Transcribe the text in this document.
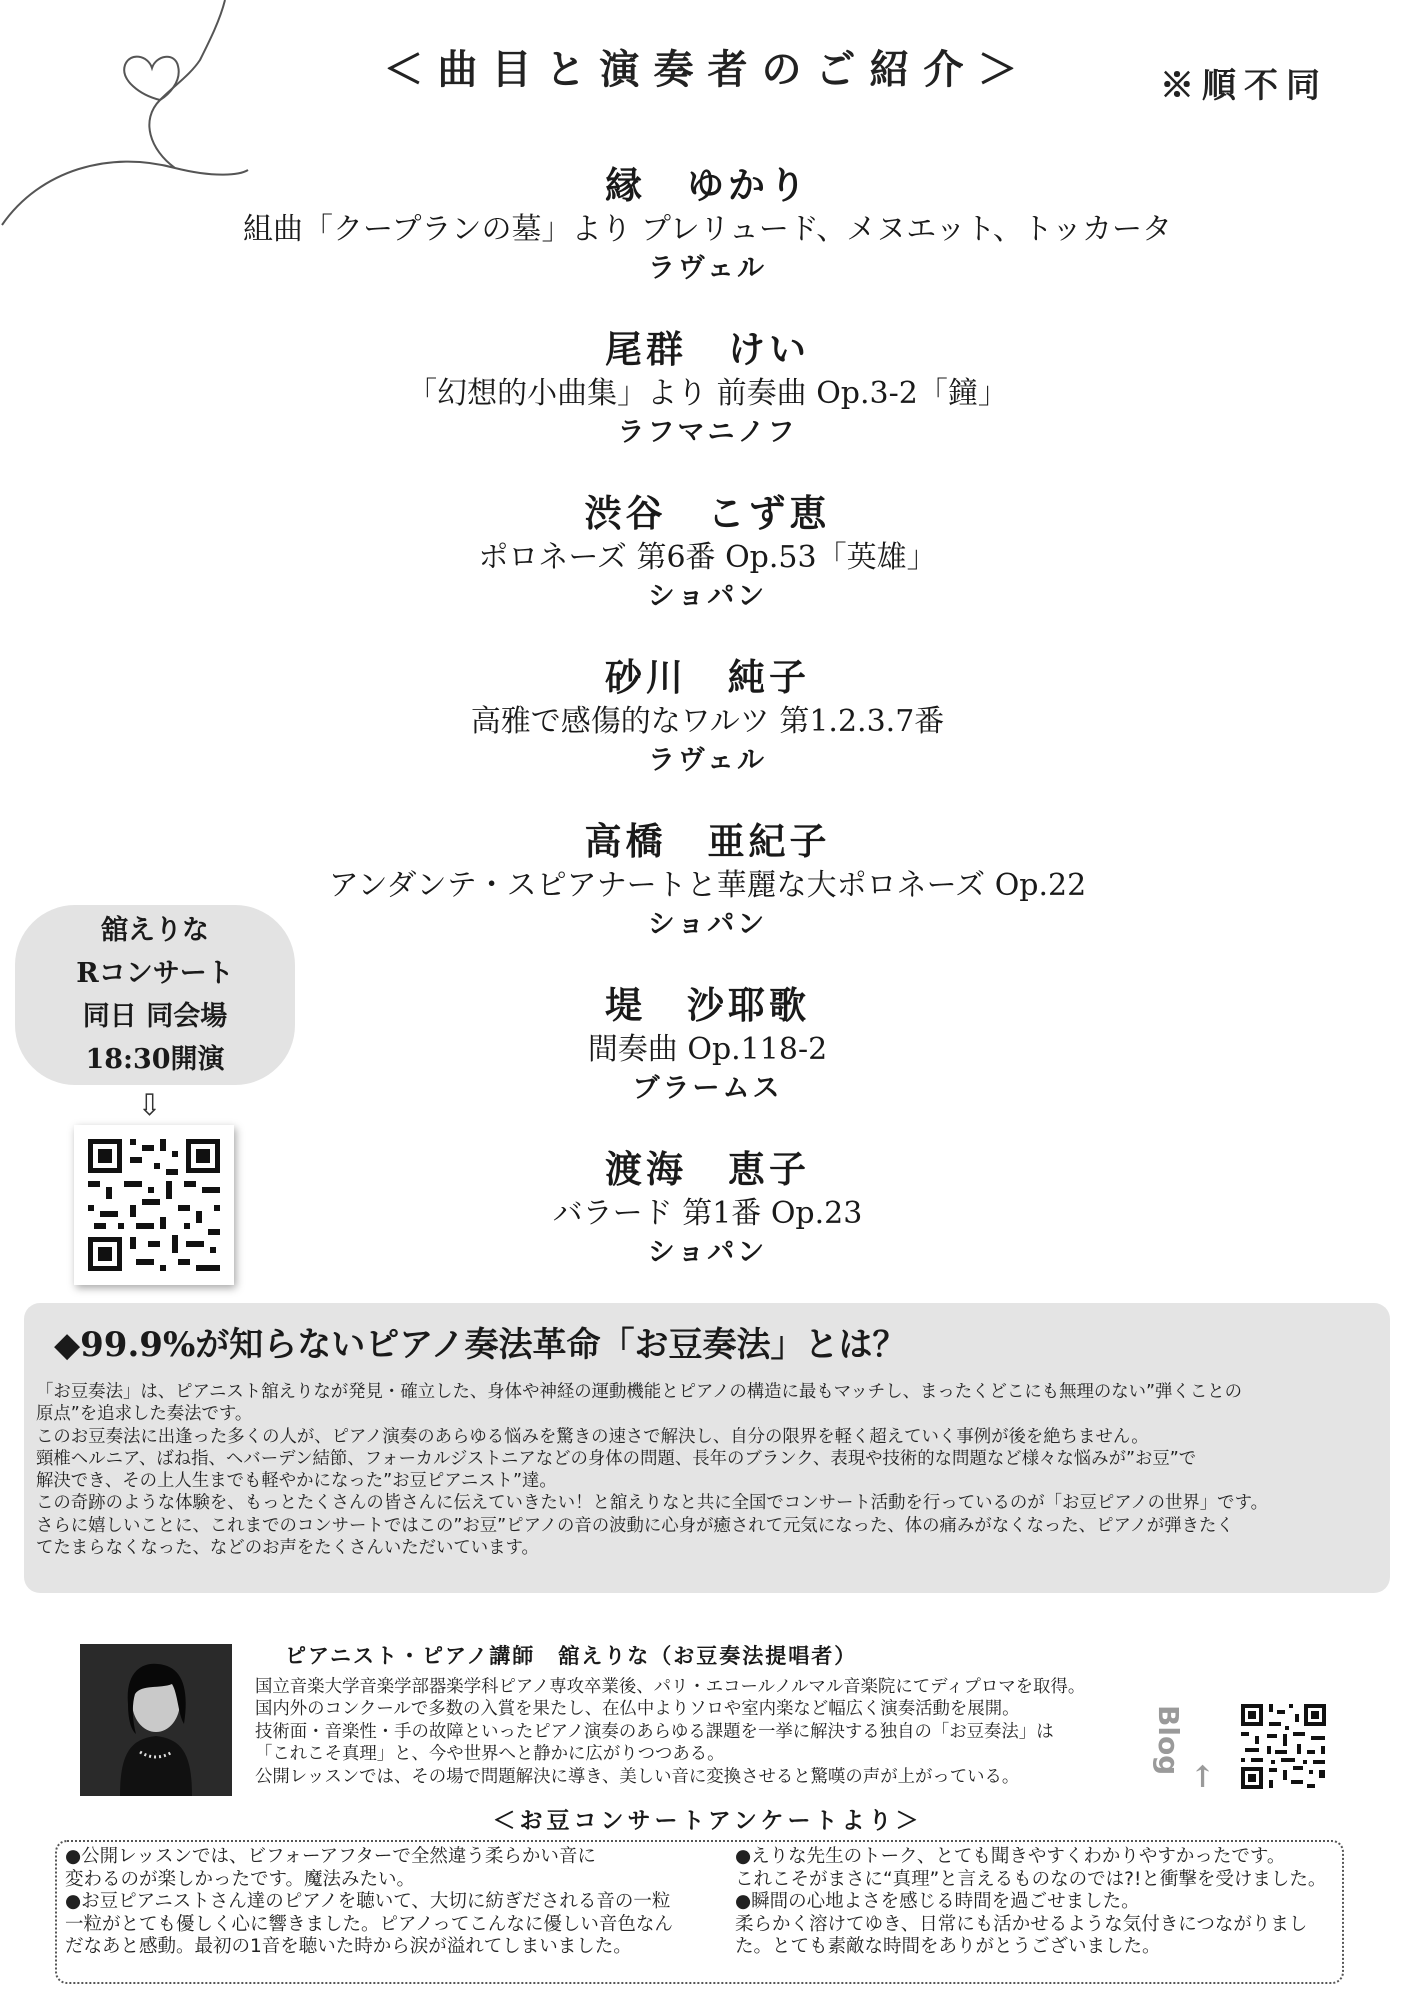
＜曲目と演奏者のご紹介＞	※順不同
縁　ゆかり
組曲「クープランの墓」より プレリュード、メヌエット、トッカータ
ラヴェル
尾群　けい
「幻想的小曲集」より 前奏曲 Op.3-2「鐘」
ラフマニノフ
渋谷　こず恵
ポロネーズ 第6番 Op.53「英雄」
ショパン
砂川　純子
高雅で感傷的なワルツ 第1.2.3.7番
ラヴェル
高橋　亜紀子
アンダンテ・スピアナートと華麗な大ポロネーズ Op.22
ショパン
堤　沙耶歌
間奏曲 Op.118-2
ブラームス
渡海　恵子
バラード 第1番 Op.23
ショパン
舘えりな
Rコンサート
同日 同会場
18:30開演
⇩
◆99.9%が知らないピアノ奏法革命「お豆奏法」とは？

「お豆奏法」は、ピアニスト舘えりなが発見・確立した、身体や神経の運動機能とピアノの構造に最もマッチし、まったくどこにも無理のない”弾くことの

原点”を追求した奏法です。

このお豆奏法に出逢った多くの人が、ピアノ演奏のあらゆる悩みを驚きの速さで解決し、自分の限界を軽く超えていく事例が後を絶ちません。

頸椎ヘルニア、ばね指、ヘバーデン結節、フォーカルジストニアなどの身体の問題、長年のブランク、表現や技術的な問題など様々な悩みが”お豆”で

解決でき、その上人生までも軽やかになった”お豆ピアニスト”達。

この奇跡のような体験を、もっとたくさんの皆さんに伝えていきたい！と舘えりなと共に全国でコンサート活動を行っているのが「お豆ピアノの世界」です。

さらに嬉しいことに、これまでのコンサートではこの”お豆”ピアノの音の波動に心身が癒されて元気になった、体の痛みがなくなった、ピアノが弾きたく

てたまらなくなった、などのお声をたくさんいただいています。

ピアニスト・ピアノ講師　舘えりな（お豆奏法提唱者）

国立音楽大学音楽学部器楽学科ピアノ専攻卒業後、パリ・エコールノルマル音楽院にてディプロマを取得。

国内外のコンクールで多数の入賞を果たし、在仏中よりソロや室内楽など幅広く演奏活動を展開。

技術面・音楽性・手の故障といったピアノ演奏のあらゆる課題を一挙に解決する独自の「お豆奏法」は

「これこそ真理」と、今や世界へと静かに広がりつつある。

公開レッスンでは、その場で問題解決に導き、美しい音に変換させると驚嘆の声が上がっている。

Blog
↑
＜お豆コンサートアンケートより＞

●公開レッスンでは、ビフォーアフターで全然違う柔らかい音に

変わるのが楽しかったです。魔法みたい。

●お豆ピアニストさん達のピアノを聴いて、大切に紡ぎだされる音の一粒

一粒がとても優しく心に響きました。ピアノってこんなに優しい音色なん

だなあと感動。最初の1音を聴いた時から涙が溢れてしまいました。

●えりな先生のトーク、とても聞きやすくわかりやすかったです。

これこそがまさに“真理”と言えるものなのでは?!と衝撃を受けました。

●瞬間の心地よさを感じる時間を過ごせました。

柔らかく溶けてゆき、日常にも活かせるような気付きにつながりまし

た。とても素敵な時間をありがとうございました。
